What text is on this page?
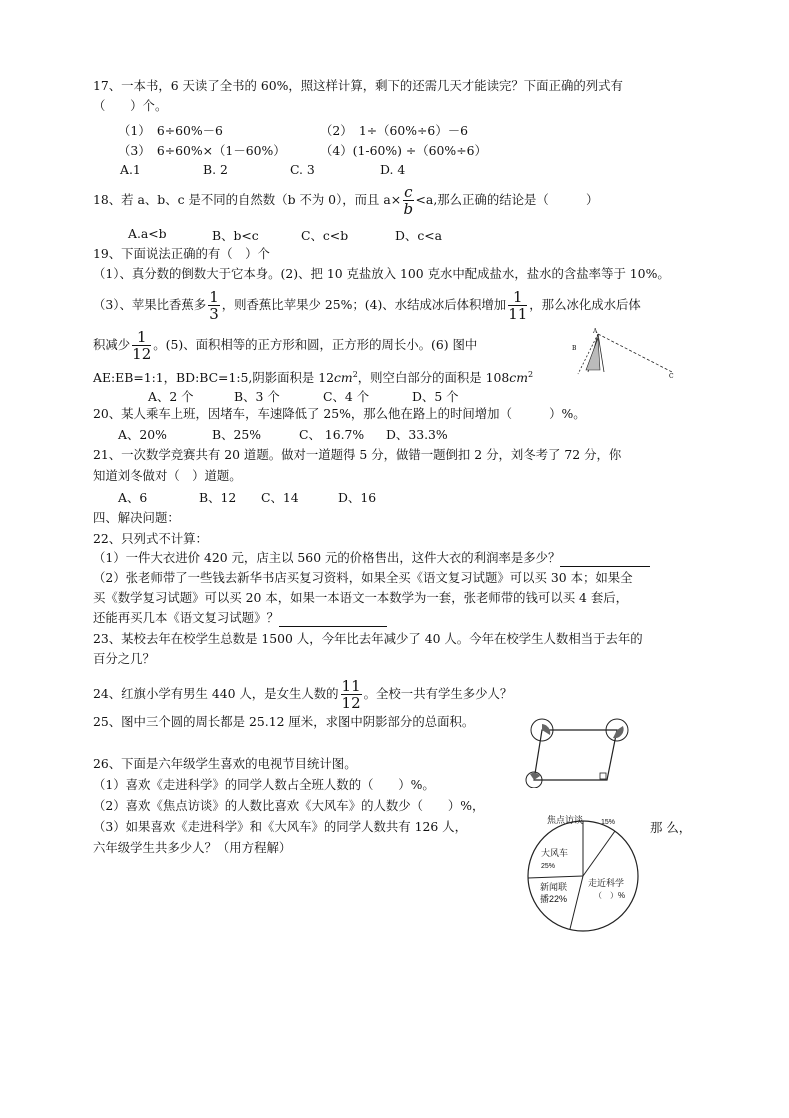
17、一本书，6 天读了全书的 60%，照这样计算，剩下的还需几天才能读完？下面正确的列式有
（　　）个。
（1）　6÷60%－6	（2）　1÷（60%÷6）－6
（3）　6÷60%×（1－60%）	（4）(1-60%) ÷（60%÷6）
A.1	B. 2	C. 3	D. 4
18、若 a、b、c 是不同的自然数（b 不为 0），而且 $a\times \frac{c}{b} <a$,那么正确的结论是（　　　）
A.a<b	B、b<c	C、c<b	D、c<a
19、下面说法正确的有（　）个
（1）、真分数的倒数大于它本身。(2)、把 10 克盐放入 100 克水中配成盐水，盐水的含盐率等于 10%。
（3）、苹果比香蕉多 $\frac{1}{3}$ ，则香蕉比苹果少 25%；(4)、水结成冰后体积增加 $\frac{1}{11}$ ，那么冰化成水后体
积减少 $\frac{1}{12}$ 。(5)、面积相等的正方形和圆，正方形的周长小。(6) 图中
AE:EB=1:1，BD:BC=1:5,阴影面积是 $12cm^2$，则空白部分的面积是 $108cm^2$
A
B
C
A、2 个	B、3 个	C、4 个	D、5 个
20、某人乘车上班，因堵车，车速降低了 25%，那么他在路上的时间增加（　　　）%。
A、20%	B、25%	C、 16.7% D、33.3%
21、一次数学竞赛共有 20 道题。做对一道题得 5 分，做错一题倒扣 2 分，刘冬考了 72 分，你
知道刘冬做对（　）道题。
A、6	B、12 C、14	D、16
四、解决问题：
22、只列式不计算：
（1）一件大衣进价 420 元，店主以 560 元的价格售出，这件大衣的利润率是多少？
（2）张老师带了一些钱去新华书店买复习资料，如果全买《语文复习试题》可以买 30 本；如果全
买《数学复习试题》可以买 20 本，如果一本语文一本数学为一套，张老师带的钱可以买 4 套后，
还能再买几本《语文复习试题》？
23、某校去年在校学生总数是 1500 人，今年比去年减少了 40 人。今年在校学生人数相当于去年的
百分之几？
24、红旗小学有男生 440 人，是女生人数的 $\frac{11}{12}$ 。全校一共有学生多少人？
25、图中三个圆的周长都是 25.12 厘米，求图中阴影部分的总面积。
26、下面是六年级学生喜欢的电视节目统计图。
（1）喜欢《走进科学》的同学人数占全班人数的（　　）%。
（2）喜欢《焦点访谈》的人数比喜欢《大风车》的人数少（　　）%，
（3）如果喜欢《走进科学》和《大风车》的同学人数共有 126 人，	那 么，
六年级学生共多少人？（用方程解）
焦点访谈	15%
大风车
25%
新闻联
播22%
走近科学
（　）%
